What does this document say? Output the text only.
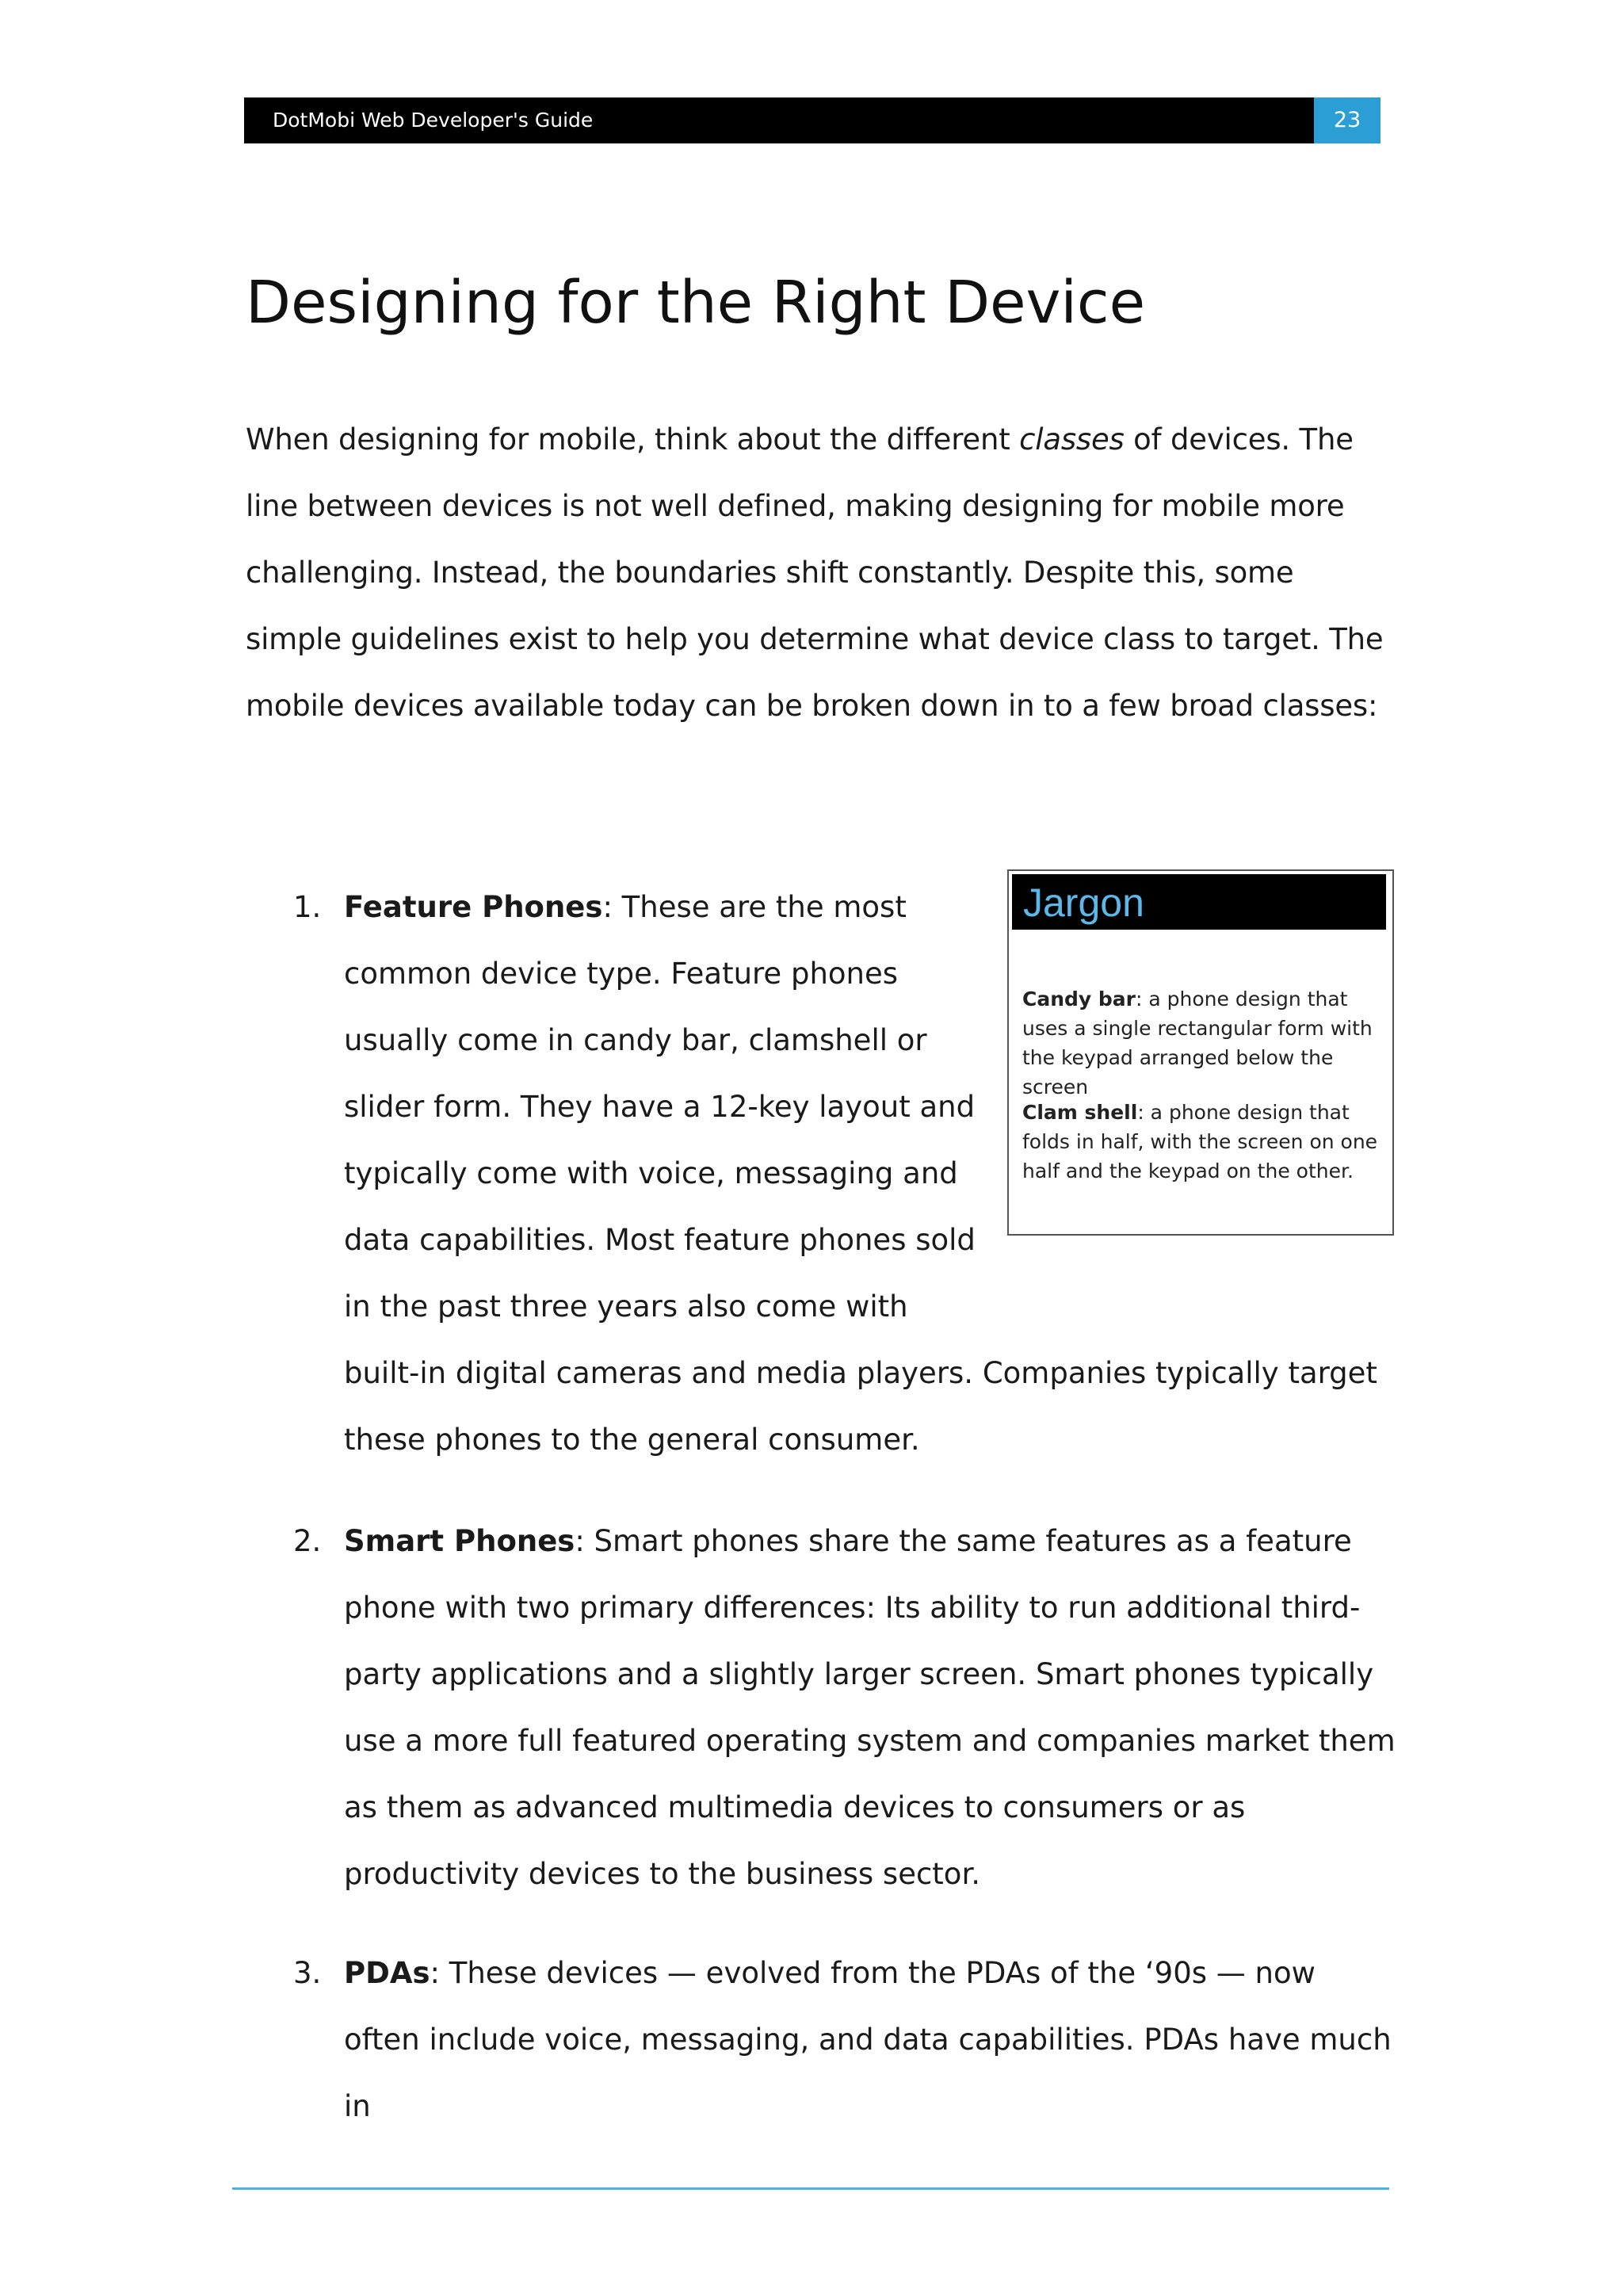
DotMobi Web Developer's Guide	23
Designing for the Right Device

When designing for mobile, think about the different classes of devices. The line between devices is not well defined, making designing for mobile more challenging. Instead, the boundaries shift constantly. Despite this, some simple guidelines exist to help you determine what device class to target. The mobile devices available today can be broken down in to a few broad classes:

1. Feature Phones: These are the most common device type. Feature phones usually come in candy bar, clamshell or slider form. They have a 12-key layout and typically come with voice, messaging and data capabilities. Most feature phones sold in the past three years also come with built-in digital cameras and media players. Companies typically target these phones to the general consumer.

2. Smart Phones: Smart phones share the same features as a feature phone with two primary differences: Its ability to run additional third-party applications and a slightly larger screen. Smart phones typically use a more full featured operating system and companies market them as them as advanced multimedia devices to consumers or as productivity devices to the business sector.

3. PDAs: These devices — evolved from the PDAs of the ‘90s — now often include voice, messaging, and data capabilities. PDAs have much in

Jargon

Candy bar: a phone design that uses a single rectangular form with the keypad arranged below the screen

Clam shell: a phone design that folds in half, with the screen on one half and the keypad on the other.
